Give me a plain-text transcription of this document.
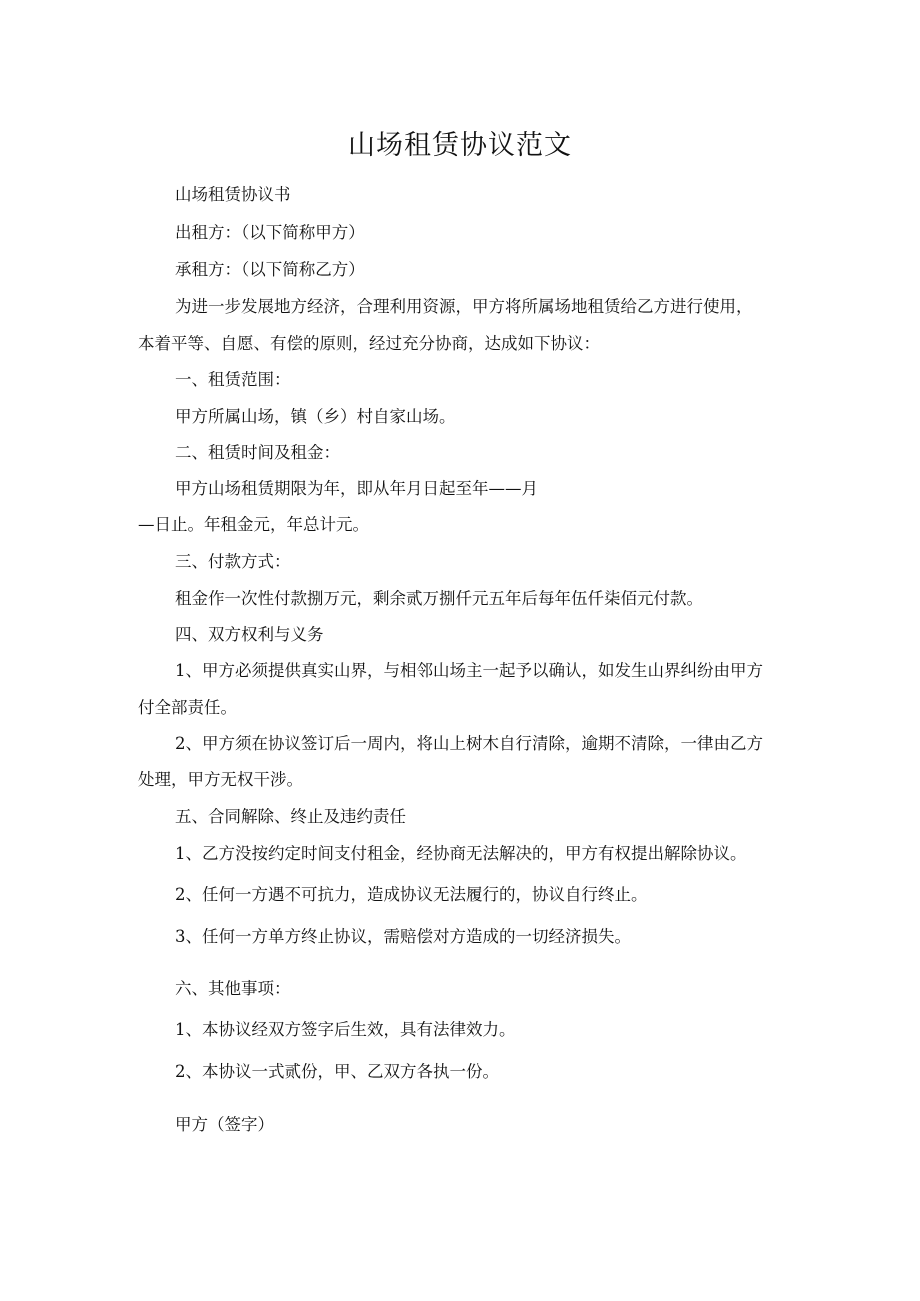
山场租赁协议范文

山场租赁协议书

出租方：（以下简称甲方）

承租方：（以下简称乙方）

为进一步发展地方经济，合理利用资源，甲方将所属场地租赁给乙方进行使用，

本着平等、自愿、有偿的原则，经过充分协商，达成如下协议：

一、租赁范围：

甲方所属山场，镇（乡）村自家山场。

二、租赁时间及租金：

甲方山场租赁期限为年，即从年月日起至年——月

—日止。年租金元，年总计元。

三、付款方式：

租金作一次性付款捌万元，剩余贰万捌仟元五年后每年伍仟柒佰元付款。

四、双方权利与义务

1、甲方必须提供真实山界，与相邻山场主一起予以确认，如发生山界纠纷由甲方

付全部责任。

2、甲方须在协议签订后一周内，将山上树木自行清除，逾期不清除，一律由乙方

处理，甲方无权干涉。

五、合同解除、终止及违约责任

1、乙方没按约定时间支付租金，经协商无法解决的，甲方有权提出解除协议。

2、任何一方遇不可抗力，造成协议无法履行的，协议自行终止。

3、任何一方单方终止协议，需赔偿对方造成的一切经济损失。

六、其他事项：

1、本协议经双方签字后生效，具有法律效力。

2、本协议一式贰份，甲、乙双方各执一份。

甲方（签字）
